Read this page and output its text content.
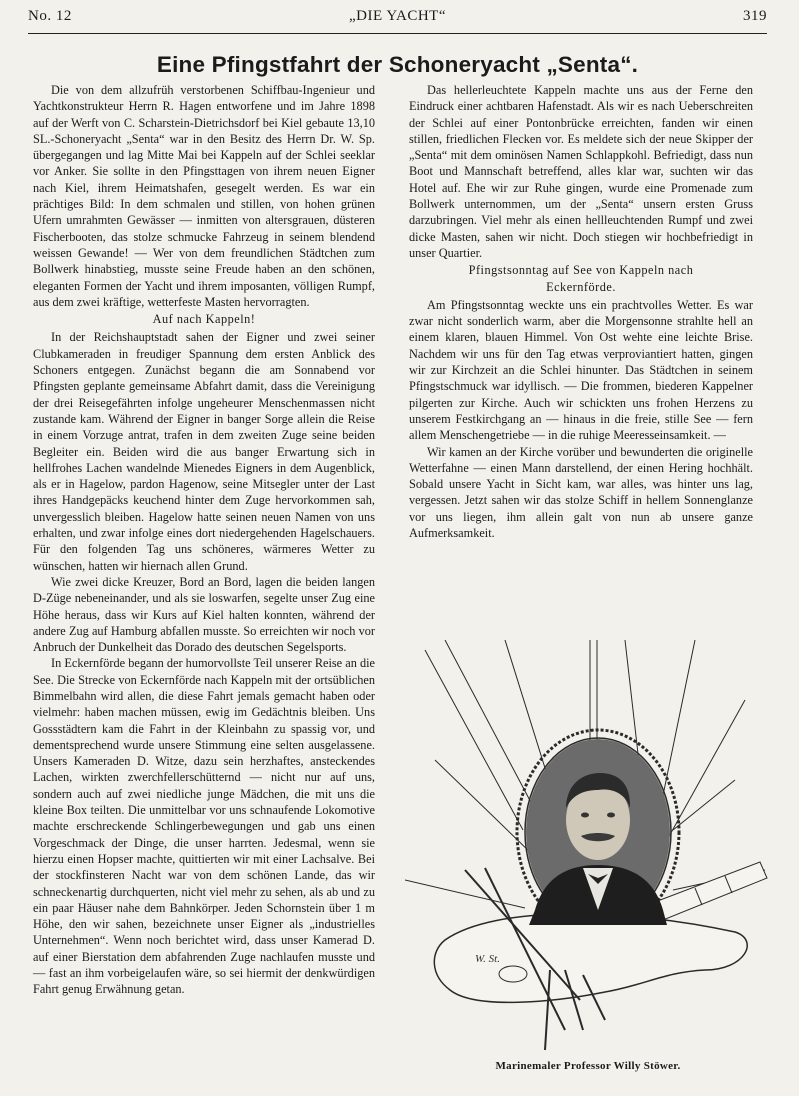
No. 12	„DIE YACHT“	319
Eine Pfingstfahrt der Schoneryacht „Senta“.

Die von dem allzufrüh verstorbenen Schiffbau-Ingenieur und Yachtkonstrukteur Herrn R. Hagen entworfene und im Jahre 1898 auf der Werft von C. Scharstein-Dietrichsdorf bei Kiel gebaute 13,10 SL.-Schoneryacht „Senta“ war in den Besitz des Herrn Dr. W. Sp. übergegangen und lag Mitte Mai bei Kappeln auf der Schlei seeklar vor Anker. Sie sollte in den Pfingsttagen von ihrem neuen Eigner nach Kiel, ihrem Heimatshafen, gesegelt werden. Es war ein prächtiges Bild: In dem schmalen und stillen, von hohen grünen Ufern umrahmten Gewässer — inmitten von altersgrauen, düsteren Fischerbooten, das stolze schmucke Fahrzeug in seinem blendend weissen Gewande! — Wer von dem freundlichen Städtchen zum Bollwerk hinabstieg, musste seine Freude haben an den schönen, eleganten Formen der Yacht und ihrem imposanten, völligen Rumpf, aus dem zwei kräftige, wetterfeste Masten hervorragten.

Auf nach Kappeln!

In der Reichshauptstadt sahen der Eigner und zwei seiner Clubkameraden in freudiger Spannung dem ersten Anblick des Schoners entgegen. Zunächst begann die am Sonnabend vor Pfingsten geplante gemeinsame Abfahrt damit, dass die Vereinigung der drei Reisegefährten infolge ungeheurer Menschenmassen nicht zustande kam. Während der Eigner in banger Sorge allein die Reise in einem Vorzuge antrat, trafen in dem zweiten Zuge seine beiden Begleiter ein. Beiden wird die aus banger Erwartung sich in hellfrohes Lachen wandelnde Mienedes Eigners in dem Augenblick, als er in Hagelow, pardon Hagenow, seine Mitsegler unter der Last ihres Handgepäcks keuchend hinter dem Zuge hervorkommen sah, unvergesslich bleiben. Hagelow hatte seinen neuen Namen von uns erhalten, und zwar infolge eines dort niedergehenden Hagelschauers. Für den folgenden Tag uns schöneres, wärmeres Wetter zu wünschen, hatten wir hiernach allen Grund.

Wie zwei dicke Kreuzer, Bord an Bord, lagen die beiden langen D-Züge nebeneinander, und als sie loswarfen, segelte unser Zug eine Höhe heraus, dass wir Kurs auf Kiel halten konnten, während der andere Zug auf Hamburg abfallen musste. So erreichten wir noch vor Anbruch der Dunkelheit das Dorado des deutschen Segelsports.

In Eckernförde begann der humorvollste Teil unserer Reise an die See. Die Strecke von Eckernförde nach Kappeln mit der ortsüblichen Bimmelbahn wird allen, die diese Fahrt jemals gemacht haben oder vielmehr: haben machen müssen, ewig im Gedächtnis bleiben. Uns Gossstädtern kam die Fahrt in der Kleinbahn zu spassig vor, und dementsprechend wurde unsere Stimmung eine selten ausgelassene. Unsers Kameraden D. Witze, dazu sein herzhaftes, ansteckendes Lachen, wirkten zwerchfellerschütternd — nicht nur auf uns, sondern auch auf zwei niedliche junge Mädchen, die mit uns die kleine Box teilten. Die unmittelbar vor uns schnaufende Lokomotive machte erschreckende Schlingerbewegungen und gab uns einen Vorgeschmack der Dinge, die unser harrten. Jedesmal, wenn sie hierzu einen Hopser machte, quittierten wir mit einer Lachsalve. Bei der stockfinsteren Nacht war von dem schönen Lande, das wir schneckenartig durchquerten, nicht viel mehr zu sehen, als ab und zu ein paar Häuser nahe dem Bahnkörper. Jeden Schornstein über 1 m Höhe, den wir sahen, bezeichnete unser Eigner als „industrielles Unternehmen“. Wenn noch berichtet wird, dass unser Kamerad D. auf einer Bierstation dem abfahrenden Zuge nachlaufen musste und — fast an ihm vorbeigelaufen wäre, so sei hiermit der denkwürdigen Fahrt genug Erwähnung getan.

Das hellerleuchtete Kappeln machte uns aus der Ferne den Eindruck einer achtbaren Hafenstadt. Als wir es nach Ueberschreiten der Schlei auf einer Pontonbrücke erreichten, fanden wir einen stillen, friedlichen Flecken vor. Es meldete sich der neue Skipper der „Senta“ mit dem ominösen Namen Schlappkohl. Befriedigt, dass nun Boot und Mannschaft betreffend, alles klar war, suchten wir das Hotel auf. Ehe wir zur Ruhe gingen, wurde eine Promenade zum Bollwerk unternommen, um der „Senta“ unsern ersten Gruss darzubringen. Viel mehr als einen hellleuchtenden Rumpf und zwei dicke Masten, sahen wir nicht. Doch stiegen wir hochbefriedigt in unser Quartier.

Pfingstsonntag auf See von Kappeln nach
Eckernförde.

Am Pfingstsonntag weckte uns ein prachtvolles Wetter. Es war zwar nicht sonderlich warm, aber die Morgensonne strahlte hell an einem klaren, blauen Himmel. Von Ost wehte eine leichte Brise. Nachdem wir uns für den Tag etwas verproviantiert hatten, gingen wir zur Kirchzeit an die Schlei hinunter. Das Städtchen in seinem Pfingstschmuck war idyllisch. — Die frommen, biederen Kappelner pilgerten zur Kirche. Auch wir schickten uns frohen Herzens zu unserem Festkirchgang an — hinaus in die freie, stille See — fern allem Menschengetriebe — in die ruhige Meeresseinsamkeit. —

Wir kamen an der Kirche vorüber und bewunderten die originelle Wetterfahne — einen Mann darstellend, der einen Hering hochhält. Sobald unsere Yacht in Sicht kam, war alles, was hinter uns lag, vergessen. Jetzt sahen wir das stolze Schiff in hellem Sonnenglanze vor uns liegen, ihm allein galt von nun ab unsere ganze Aufmerksamkeit.

W. St.
Marinemaler Professor Willy Stöwer.
